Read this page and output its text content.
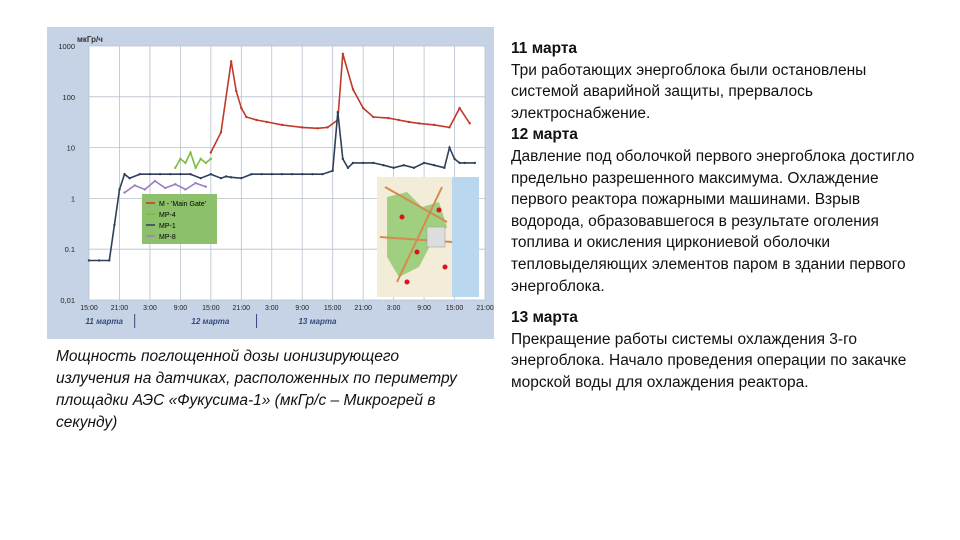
1000
100
10
1
0.1
0,01
15:00 21:00 3:00 9:00 15:00 21:00 3:00 9:00 15:00 21:00 3:00 9:00 15:00 21:00
M - 'Main Gate'
MP-4
MP-1
MP-8
мкГр/ч
11 марта	12 марта	13 марта
Мощность поглощенной дозы ионизирующего излучения на датчиках, расположенных по периметру площадки АЭС «Фукусима-1» (мкГр/с – Микрогрей в секунду)

11 марта

Три работающих энергоблока были остановлены системой аварийной защиты, прервалось электроснабжение.

12 марта

Давление под оболочкой первого энергоблока достигло предельно разрешенного максимума. Охлаждение первого реактора пожарными машинами. Взрыв водорода, образовавшегося в результате оголения топлива и окисления циркониевой оболочки тепловыделяющих элементов паром в здании первого энергоблока.

13 марта

Прекращение работы системы охлаждения 3-го энергоблока. Начало проведения операции по закачке морской воды для охлаждения реактора.
